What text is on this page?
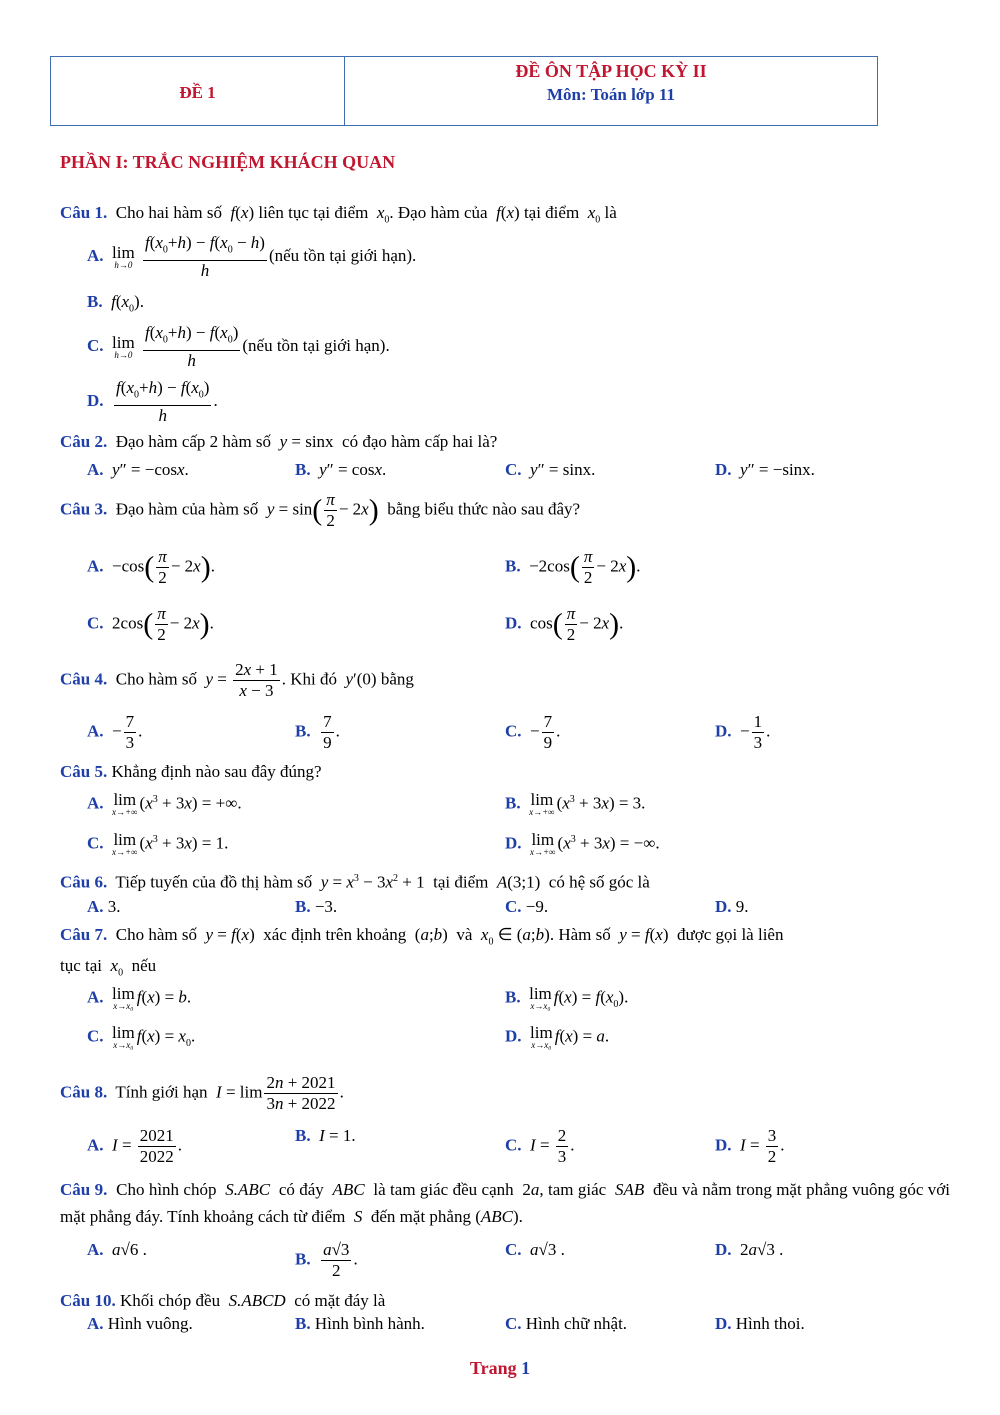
ĐỀ 1
ĐỀ ÔN TẬP HỌC KỲ II
Môn: Toán lớp 11
PHẦN I: TRẮC NGHIỆM KHÁCH QUAN
Câu 1.  Cho hai hàm số  f(x) liên tục tại điểm  $x_0$. Đạo hàm của  f(x) tại điểm  $x_0$ là
A. lim
h→0
$\frac{f(x_0+h) - f(x_0 - h)}{h}$ (nếu tồn tại giới hạn).
B. $f(x_0)$.
C. lim
h→0
$\frac{f(x_0+h) - f(x_0)}{h}$ (nếu tồn tại giới hạn).
D. $\frac{f(x_0+h) - f(x_0)}{h}$ .
Câu 2.  Đạo hàm cấp 2 hàm số  y = sinx  có đạo hàm cấp hai là?
A. y″ = −cosx.	B. y″ = cosx.	C. y″ = sinx.	D. y″ = −sinx.
Câu 3.  Đạo hàm của hàm số  $y = \sin( \frac{\pi}{2} - 2x)$  bằng biểu thức nào sau đây?
A.  $-\cos( \frac{\pi}{2} - 2x)$.	B.  $-2\cos( \frac{\pi}{2} - 2x)$.
C.  $2\cos( \frac{\pi}{2} - 2x)$.	D.  $\cos( \frac{\pi}{2} - 2x)$.
Câu 4.  Cho hàm số  $y = \frac{2x + 1}{x - 3}$ . Khi đó  y′(0) bằng
A.  − $\frac{7}{3}$ .	B. $\frac{7}{9}$ .	C.  − $\frac{7}{9}$ .	D.  − $\frac{1}{3}$ .
Câu 5. Khẳng định nào sau đây đúng?
A. lim
x→+∞ $(x^3 + 3x)$ = +∞.	B. lim
x→+∞ $(x^3 + 3x) = 3$.
C. lim
x→+∞ $(x^3 + 3x) = 1$.	D. lim
x→+∞ $(x^3 + 3x)$ = −∞.
Câu 6.  Tiếp tuyến của đồ thị hàm số  $y = x^3 - 3x^2 + 1$  tại điểm  A(3;1)  có hệ số góc là
A. 3.	B. −3.	C. −9.	D. 9.
Câu 7.  Cho hàm số  y = f(x)  xác định trên khoảng  (a;b)  và  $x_0$ ∈ (a;b). Hàm số  y = f(x)  được gọi là liên
tục tại  $x_0$  nếu
A. lim
x→x₀ f(x) = b.	B. lim
x→x₀ $f(x) = f(x_0)$.
C. lim
x→x₀ $f(x) = x_0$.	D. lim
x→x₀ f(x) = a.
Câu 8.  Tính giới hạn  $I = \lim \frac{2n + 2021}{3n + 2022}$ .
A. $I = \frac{2021}{2022}$ .	B. I = 1.	C. $I = \frac{2}{3}$ .	D. $I = \frac{3}{2}$ .
Câu 9.  Cho hình chóp  S.ABC  có đáy  ABC  là tam giác đều cạnh  2a, tam giác  SAB  đều và nằm trong mặt phẳng vuông góc với mặt phẳng đáy. Tính khoảng cách từ điểm  S  đến mặt phẳng (ABC).
A. a√6 .	B. $\frac{a√3}{2}$ .	C. a√3 .	D.  2a√3 .
Câu 10. Khối chóp đều  S.ABCD  có mặt đáy là
A. Hình vuông.	B. Hình bình hành.	C. Hình chữ nhật.	D. Hình thoi.
Trang 1
